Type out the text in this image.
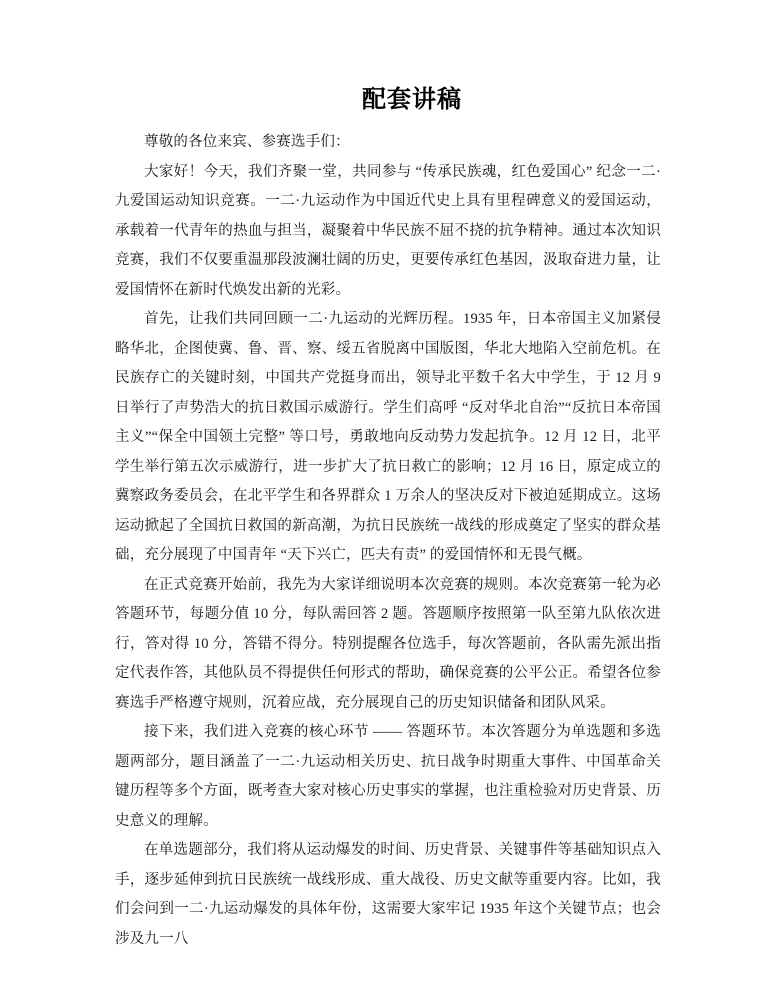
配套讲稿

尊敬的各位来宾、参赛选手们：

大家好！今天，我们齐聚一堂，共同参与 “传承民族魂，红色爱国心” 纪念一二·九爱国运动知识竞赛。一二·九运动作为中国近代史上具有里程碑意义的爱国运动，承载着一代青年的热血与担当，凝聚着中华民族不屈不挠的抗争精神。通过本次知识竞赛，我们不仅要重温那段波澜壮阔的历史，更要传承红色基因，汲取奋进力量，让爱国情怀在新时代焕发出新的光彩。

首先，让我们共同回顾一二·九运动的光辉历程。1935 年，日本帝国主义加紧侵略华北，企图使冀、鲁、晋、察、绥五省脱离中国版图，华北大地陷入空前危机。在民族存亡的关键时刻，中国共产党挺身而出，领导北平数千名大中学生，于 12 月 9 日举行了声势浩大的抗日救国示威游行。学生们高呼 “反对华北自治”“反抗日本帝国主义”“保全中国领土完整” 等口号，勇敢地向反动势力发起抗争。12 月 12 日，北平学生举行第五次示威游行，进一步扩大了抗日救亡的影响；12 月 16 日，原定成立的冀察政务委员会，在北平学生和各界群众 1 万余人的坚决反对下被迫延期成立。这场运动掀起了全国抗日救国的新高潮，为抗日民族统一战线的形成奠定了坚实的群众基础，充分展现了中国青年 “天下兴亡，匹夫有责” 的爱国情怀和无畏气概。

在正式竞赛开始前，我先为大家详细说明本次竞赛的规则。本次竞赛第一轮为必答题环节，每题分值 10 分，每队需回答 2 题。答题顺序按照第一队至第九队依次进行，答对得 10 分，答错不得分。特别提醒各位选手，每次答题前，各队需先派出指定代表作答，其他队员不得提供任何形式的帮助，确保竞赛的公平公正。希望各位参赛选手严格遵守规则，沉着应战，充分展现自己的历史知识储备和团队风采。

接下来，我们进入竞赛的核心环节 —— 答题环节。本次答题分为单选题和多选题两部分，题目涵盖了一二·九运动相关历史、抗日战争时期重大事件、中国革命关键历程等多个方面，既考查大家对核心历史事实的掌握，也注重检验对历史背景、历史意义的理解。

在单选题部分，我们将从运动爆发的时间、历史背景、关键事件等基础知识点入手，逐步延伸到抗日民族统一战线形成、重大战役、历史文献等重要内容。比如，我们会问到一二·九运动爆发的具体年份，这需要大家牢记 1935 年这个关键节点；也会涉及九一八
